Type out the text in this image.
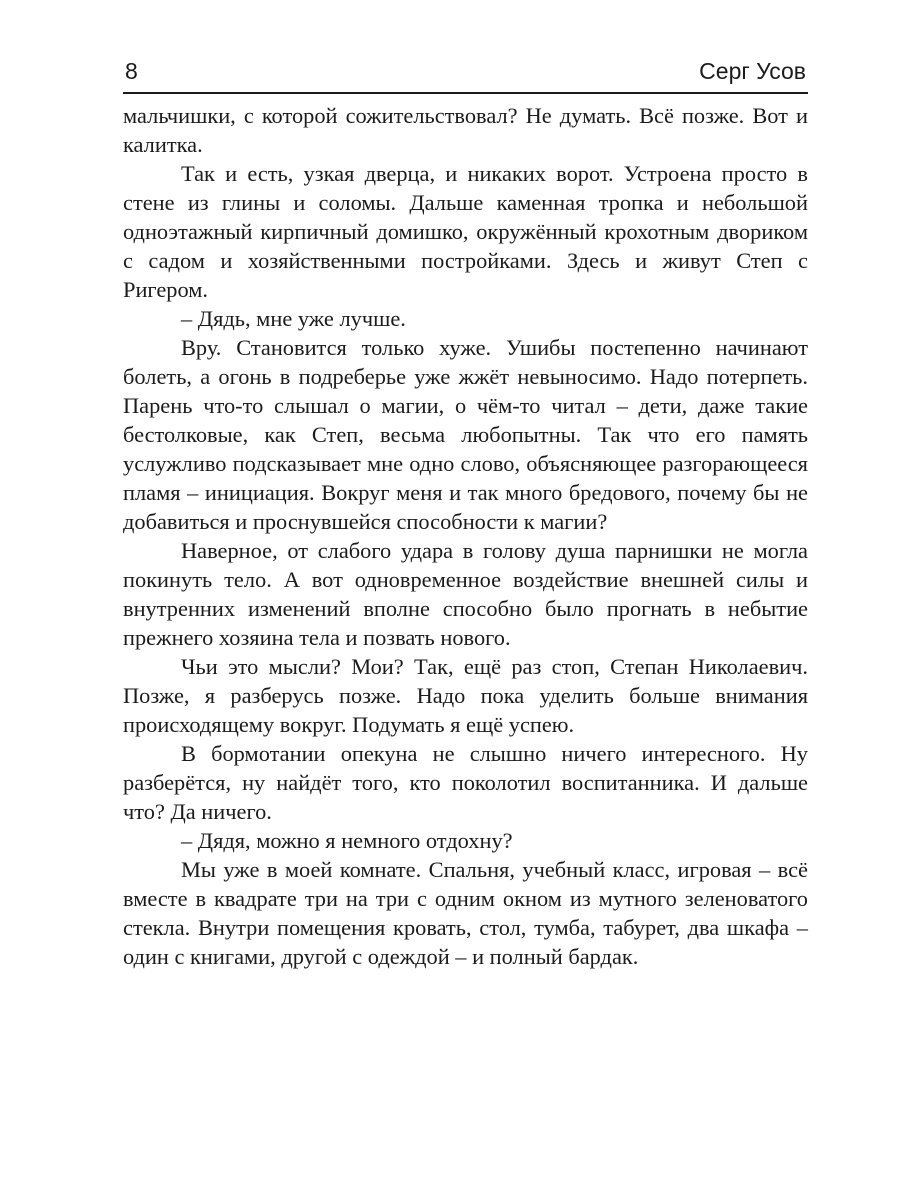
8	Серг Усов

мальчишки, с которой сожительствовал? Не думать. Всё позже. Вот и калитка.

Так и есть, узкая дверца, и никаких ворот. Устроена просто в стене из глины и соломы. Дальше каменная тропка и небольшой одноэтажный кирпичный домишко, окружённый крохотным двориком с садом и хозяйственными постройками. Здесь и живут Степ с Ригером.

– Дядь, мне уже лучше.

Вру. Становится только хуже. Ушибы постепенно начинают болеть, а огонь в подреберье уже жжёт невыносимо. Надо потерпеть. Парень что-то слышал о магии, о чём-то читал – дети, даже такие бестолковые, как Степ, весьма любопытны. Так что его память услужливо подсказывает мне одно слово, объясняющее разгорающееся пламя – инициация. Вокруг меня и так много бредового, почему бы не добавиться и проснувшейся способности к магии?

Наверное, от слабого удара в голову душа парнишки не могла покинуть тело. А вот одновременное воздействие внешней силы и внутренних изменений вполне способно было прогнать в небытие прежнего хозяина тела и позвать нового.

Чьи это мысли? Мои? Так, ещё раз стоп, Степан Николаевич. Позже, я разберусь позже. Надо пока уделить больше внимания происходящему вокруг. Подумать я ещё успею.

В бормотании опекуна не слышно ничего интересного. Ну разберётся, ну найдёт того, кто поколотил воспитанника. И дальше что? Да ничего.

– Дядя, можно я немного отдохну?

Мы уже в моей комнате. Спальня, учебный класс, игровая – всё вместе в квадрате три на три с одним окном из мутного зеленоватого стекла. Внутри помещения кровать, стол, тумба, табурет, два шкафа – один с книгами, другой с одеждой – и полный бардак.
